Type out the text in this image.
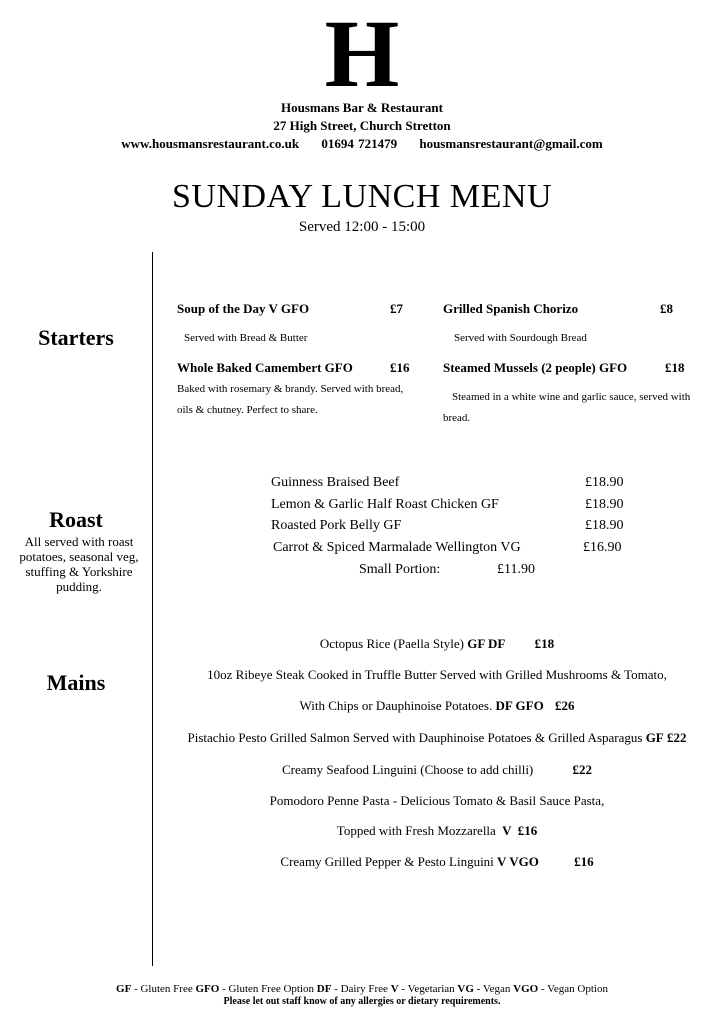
H
Housmans Bar & Restaurant
27 High Street, Church Stretton
www.housmansrestaurant.co.uk 01694 721479 housmansrestaurant@gmail.com
SUNDAY LUNCH MENU
Served 12:00 - 15:00
Starters
Soup of the Day V GFO	£7
Served with Bread & Butter
Grilled Spanish Chorizo	£8
Served with Sourdough Bread
Whole Baked Camembert GFO	£16
Baked with rosemary & brandy. Served with bread,
oils & chutney. Perfect to share.
Steamed Mussels (2 people) GFO	£18
Steamed in a white wine and garlic sauce, served with
bread.
Roast
All served with roast potatoes, seasonal veg, stuffing & Yorkshire pudding.
Guinness Braised Beef	£18.90
Lemon & Garlic Half Roast Chicken GF	£18.90
Roasted Pork Belly GF	£18.90
Carrot & Spiced Marmalade Wellington VG	£16.90
Small Portion:	£11.90
Mains
Octopus Rice (Paella Style) GF DF £18
10oz Ribeye Steak Cooked in Truffle Butter Served with Grilled Mushrooms & Tomato,
With Chips or Dauphinoise Potatoes. DF GFO £26
Pistachio Pesto Grilled Salmon Served with Dauphinoise Potatoes & Grilled Asparagus GF £22
Creamy Seafood Linguini (Choose to add chilli)	£22
Pomodoro Penne Pasta - Delicious Tomato & Basil Sauce Pasta,
Topped with Fresh Mozzarella V £16
Creamy Grilled Pepper & Pesto Linguini V VGO	£16
GF - Gluten Free GFO - Gluten Free Option DF - Dairy Free V - Vegetarian VG - Vegan VGO - Vegan Option
Please let out staff know of any allergies or dietary requirements.
